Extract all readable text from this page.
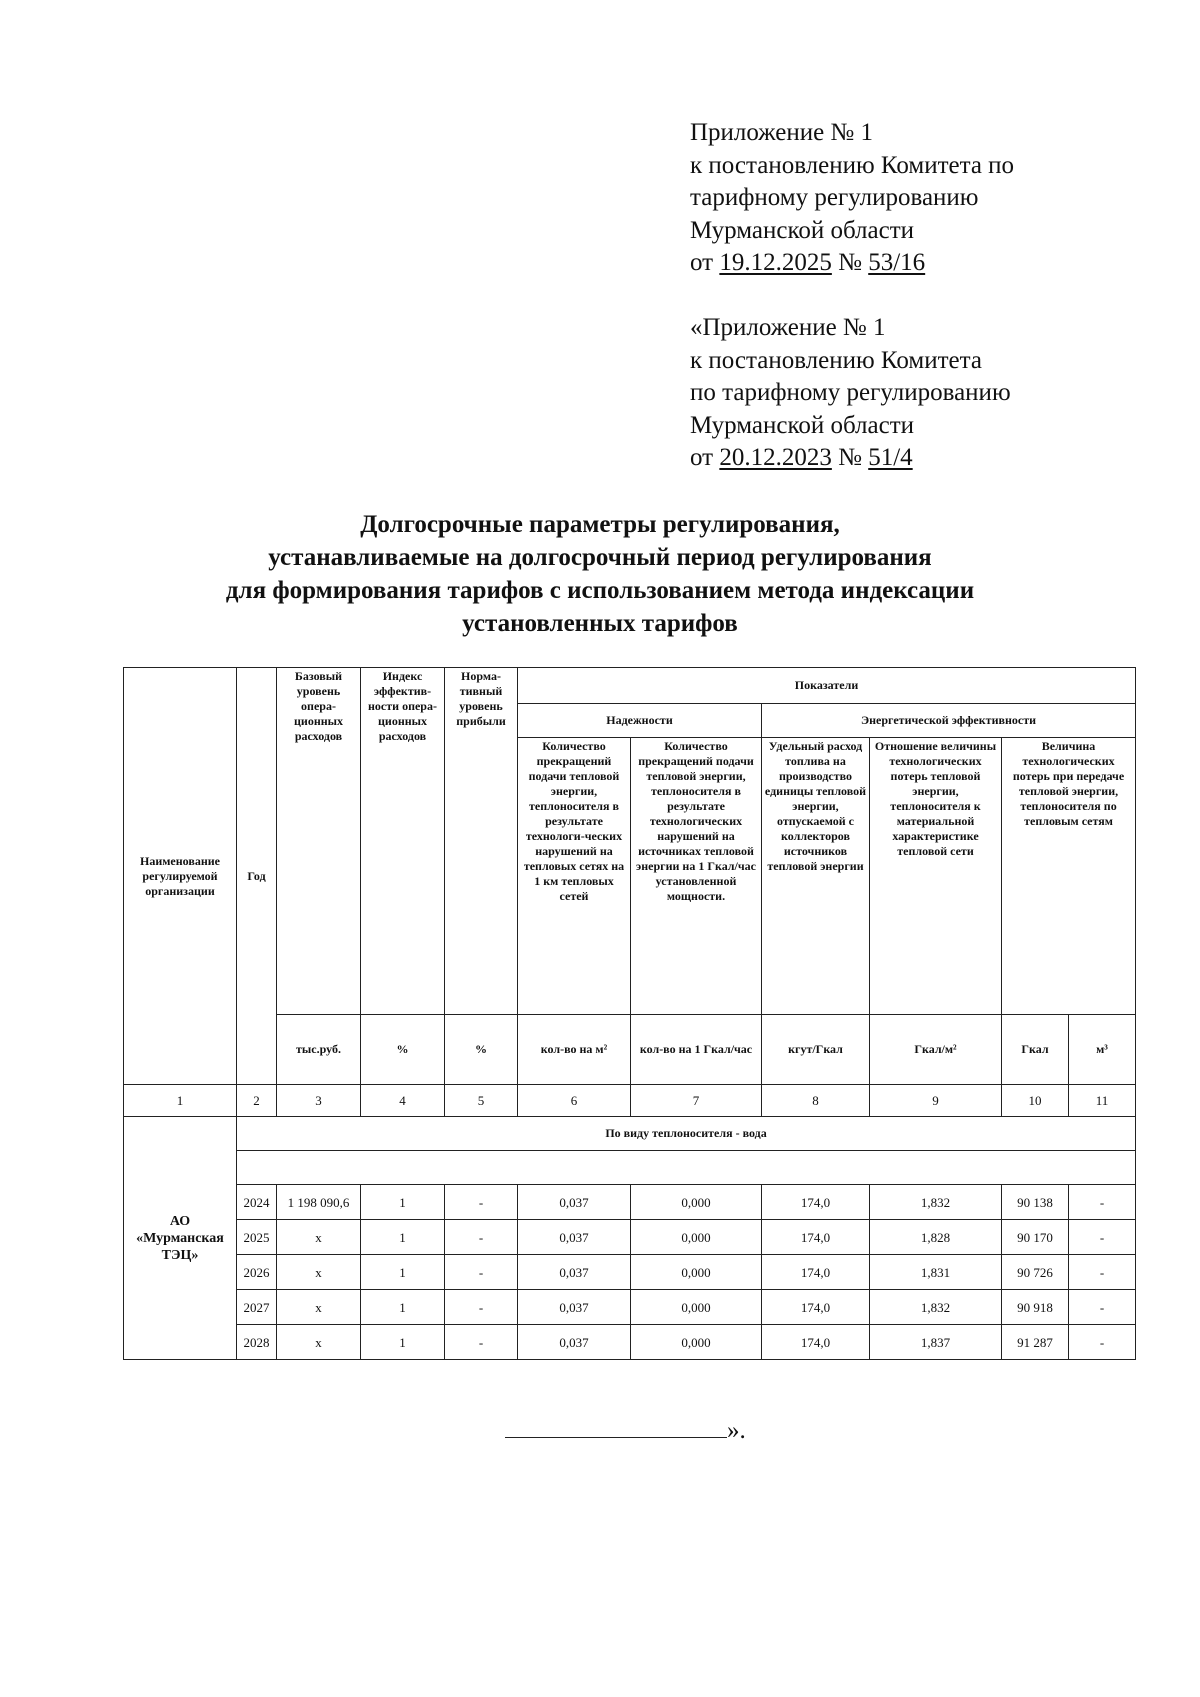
Приложение № 1
к постановлению Комитета по
тарифному регулированию
Мурманской области
от 19.12.2025 № 53/16
«Приложение № 1
к постановлению Комитета
по тарифному регулированию
Мурманской области
от 20.12.2023 № 51/4
Долгосрочные параметры регулирования,
устанавливаемые на долгосрочный период регулирования
для формирования тарифов с использованием метода индексации
установленных тарифов
Наименование регулируемой организации	Год	Базовый уровень опера-ционных расходов	Индекс эффектив-ности опера-ционных расходов	Норма-тивный уровень прибыли	Показатели					
					Надежности		Энергетической эффективности			
					Количество прекращений подачи тепловой энергии, теплоносителя в результате технологи-ческих нарушений на тепловых сетях на 1 км тепловых сетей	Количество прекращений подачи тепловой энергии, теплоносителя в результате технологических нарушений на источниках тепловой энергии на 1 Гкал/час установленной мощности.	Удельный расход топлива на производство единицы тепловой энергии, отпускаемой с коллекторов источников тепловой энергии	Отношение величины технологических потерь тепловой энергии, теплоносителя к материальной характеристике тепловой сети	Величина технологических потерь при передаче тепловой энергии, теплоносителя по тепловым сетям	
		тыс.руб.	%	%	кол-во на м²	кол-во на 1 Гкал/час	кгут/Гкал	Гкал/м²	Гкал	м³
1	2	3	4	5	6	7	8	9	10	11
АО «Мурманская ТЭЦ»	По виду теплоносителя - вода									

	2024	1 198 090,6	1	-	0,037	0,000	174,0	1,832	90 138	-
	2025	x	1	-	0,037	0,000	174,0	1,828	90 170	-
	2026	x	1	-	0,037	0,000	174,0	1,831	90 726	-
	2027	x	1	-	0,037	0,000	174,0	1,832	90 918	-
	2028	x	1	-	0,037	0,000	174,0	1,837	91 287	-
».
